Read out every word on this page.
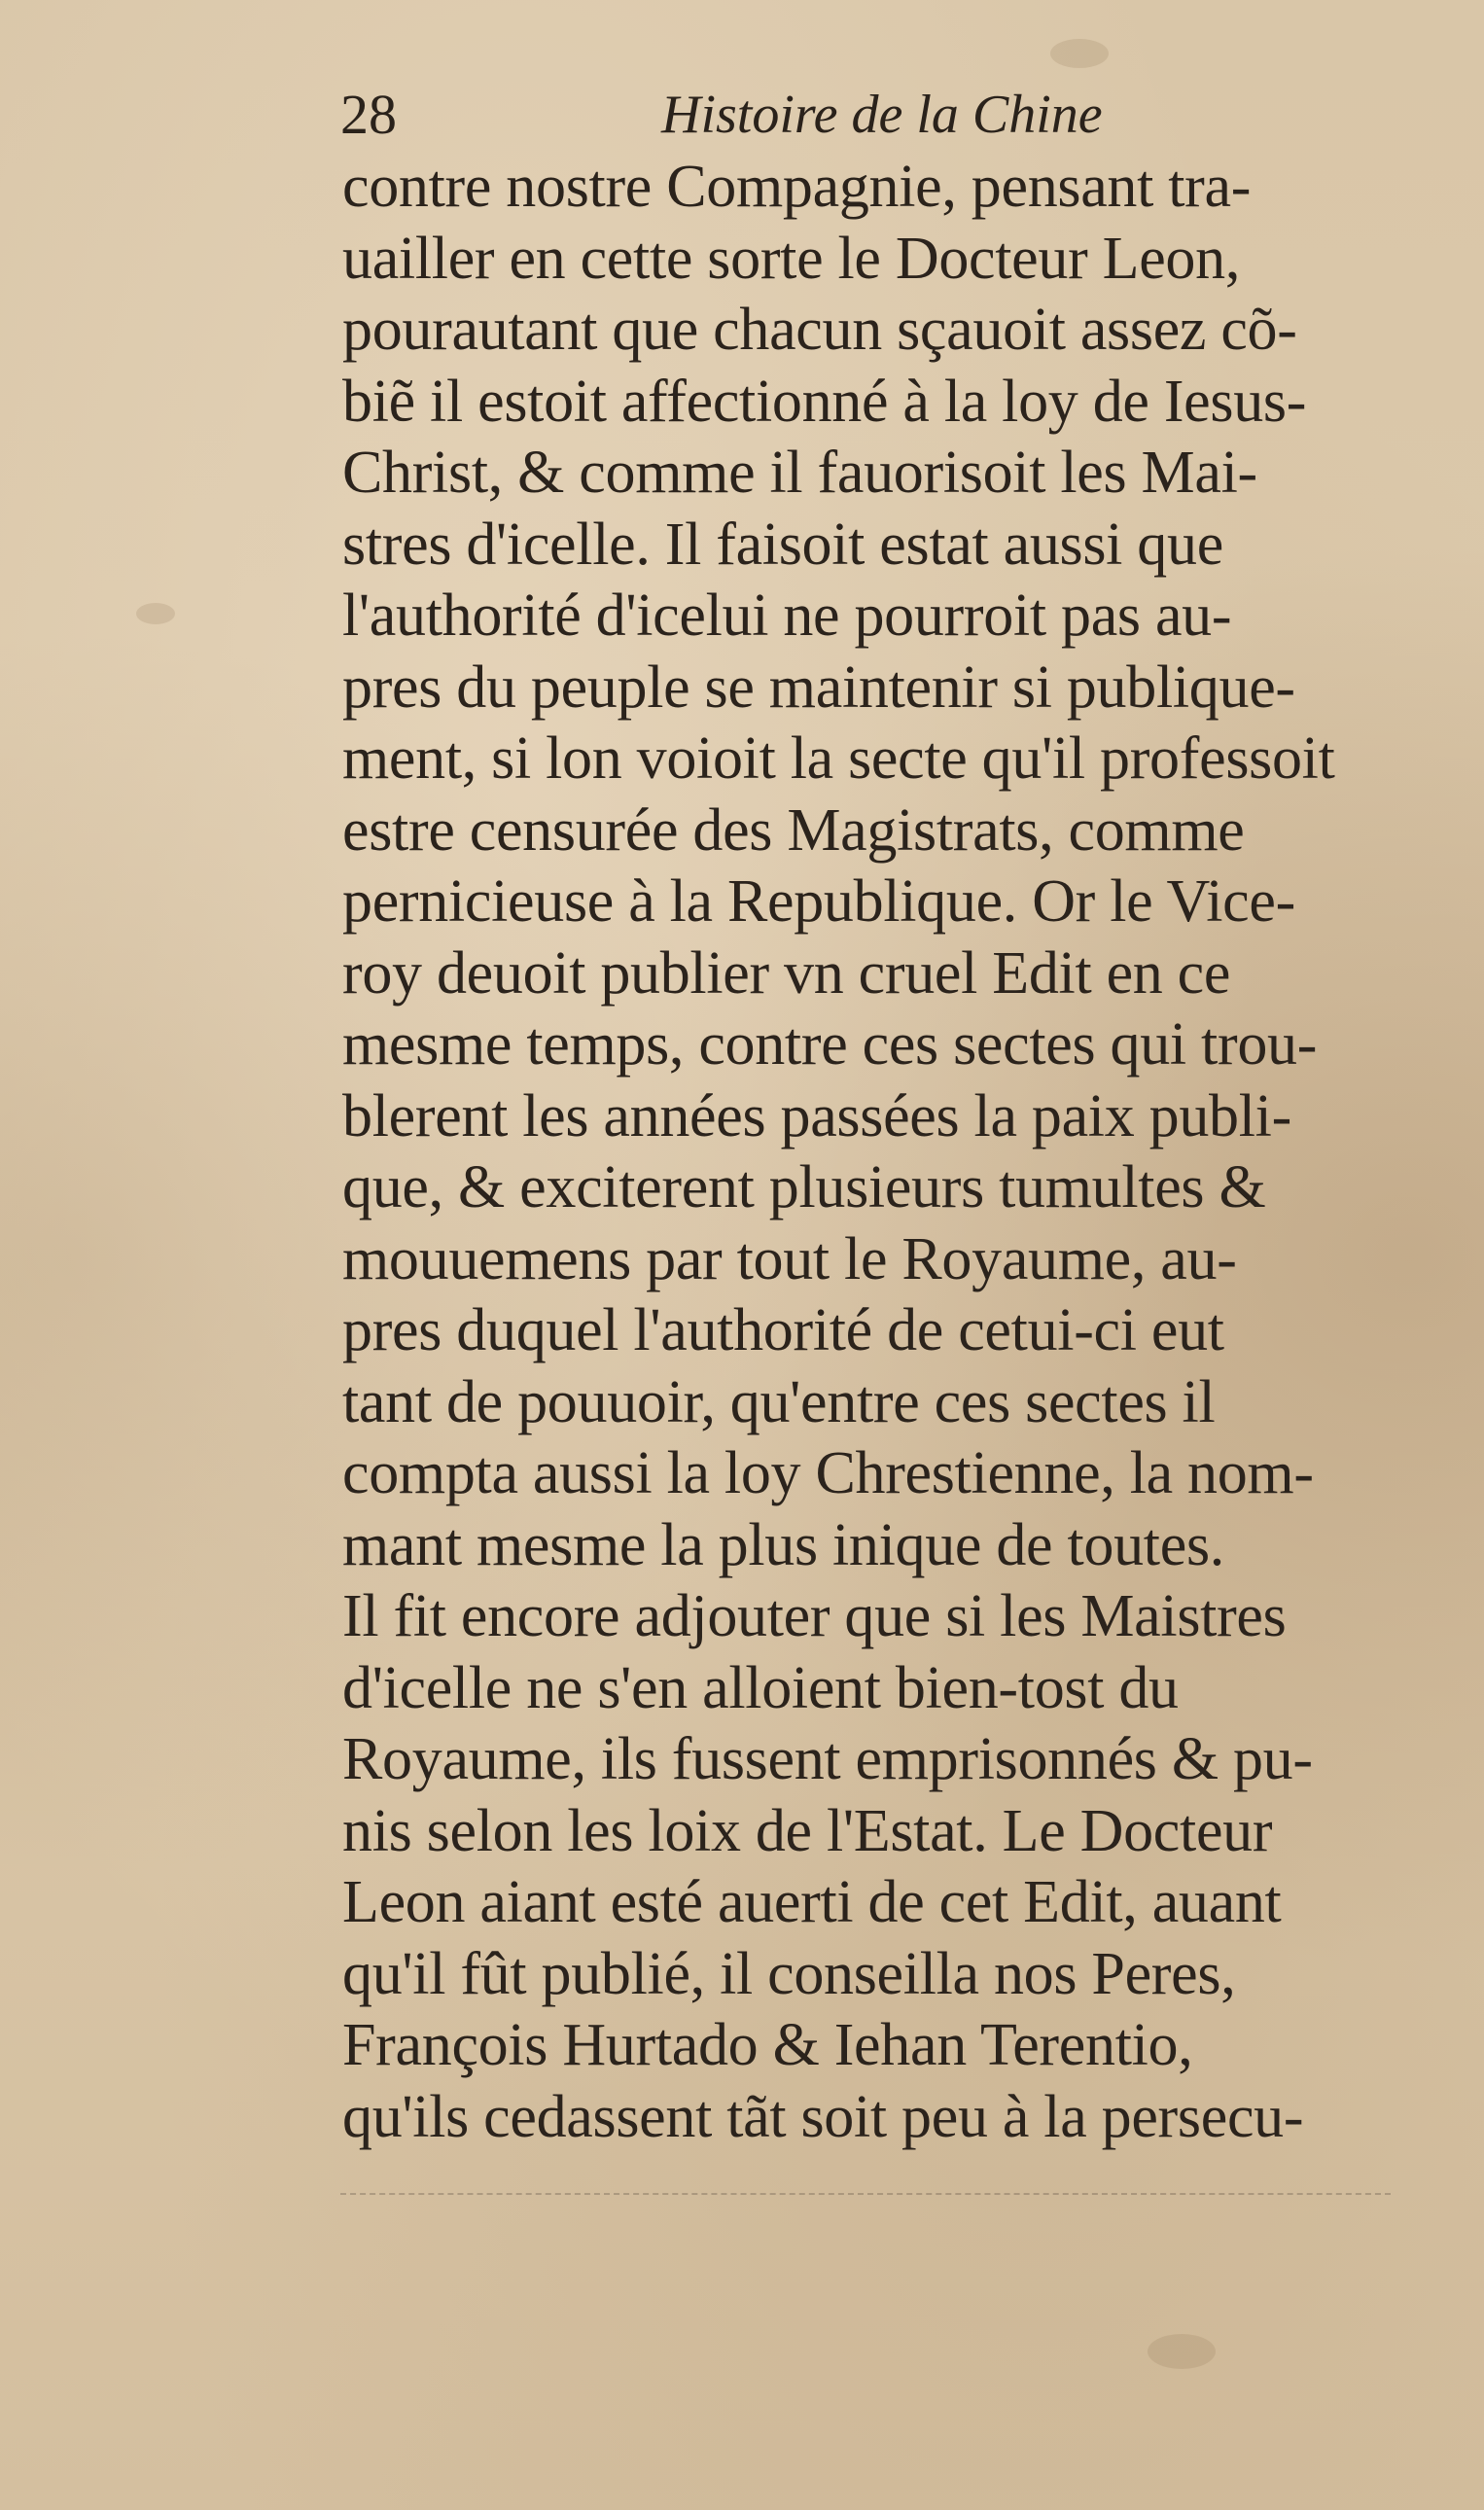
28	Histoire de la Chine
contre nostre Compagnie, pensant tra-
uailler en cette sorte le Docteur Leon,
pourautant que chacun sçauoit assez cõ-
biẽ il estoit affectionné à la loy de Iesus-
Christ, & comme il fauorisoit les Mai-
stres d'icelle. Il faisoit estat aussi que
l'authorité d'icelui ne pourroit pas au-
pres du peuple se maintenir si publique-
ment, si lon voioit la secte qu'il professoit
estre censurée des Magistrats, comme
pernicieuse à la Republique. Or le Vice-
roy deuoit publier vn cruel Edit en ce
mesme temps, contre ces sectes qui trou-
blerent les années passées la paix publi-
que, & exciterent plusieurs tumultes &
mouuemens par tout le Royaume, au-
pres duquel l'authorité de cetui-ci eut
tant de pouuoir, qu'entre ces sectes il
compta aussi la loy Chrestienne, la nom-
mant mesme la plus inique de toutes.
Il fit encore adjouter que si les Maistres
d'icelle ne s'en alloient bien-tost du
Royaume, ils fussent emprisonnés & pu-
nis selon les loix de l'Estat. Le Docteur
Leon aiant esté auerti de cet Edit, auant
qu'il fût publié, il conseilla nos Peres,
François Hurtado & Iehan Terentio,
qu'ils cedassent tãt soit peu à la persecu-
